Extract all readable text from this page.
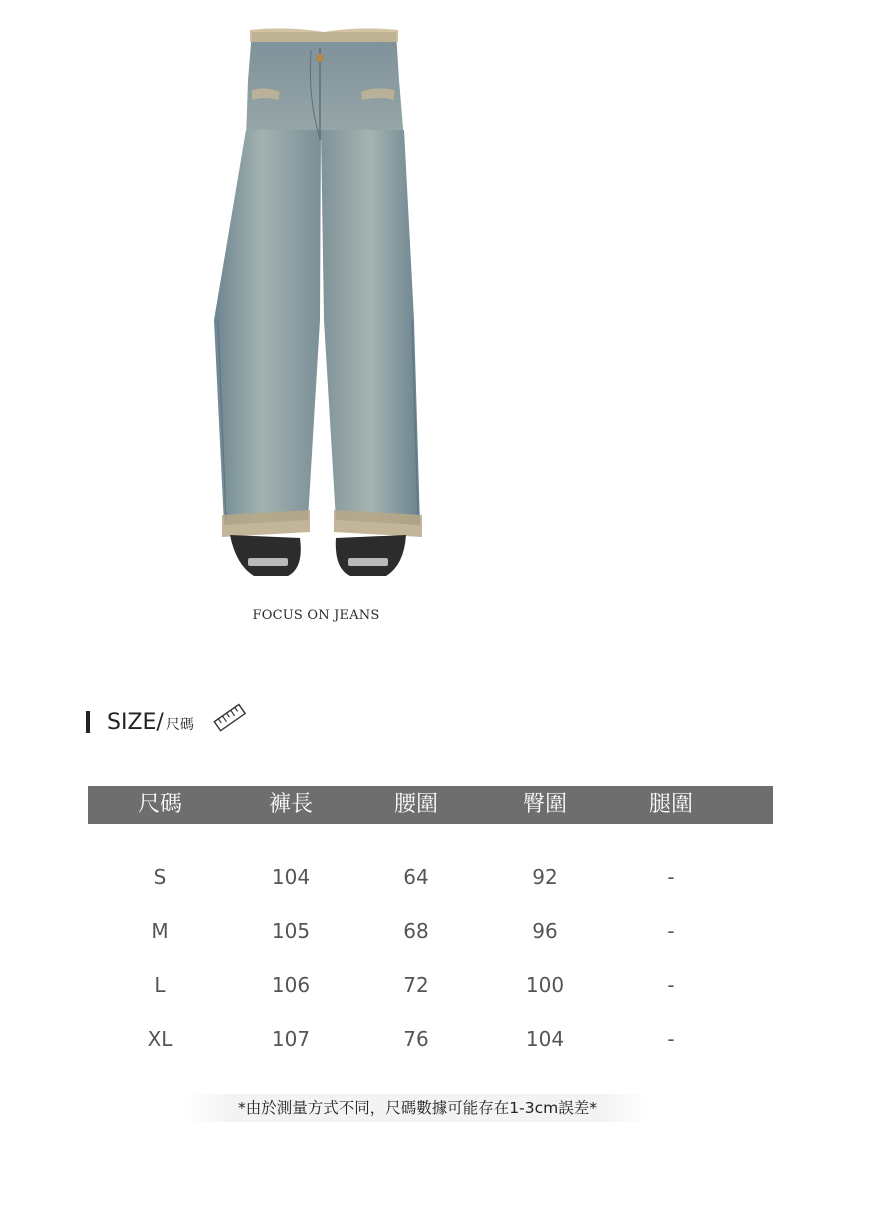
FOCUS ON JEANS
SIZE/ 尺碼
尺碼	褲長	腰圍	臀圍	腿圍
S	104	64	92	-
M	105	68	96	-
L	106	72	100	-
XL	107	76	104	-
*由於測量方式不同，尺碼數據可能存在1-3cm誤差*
